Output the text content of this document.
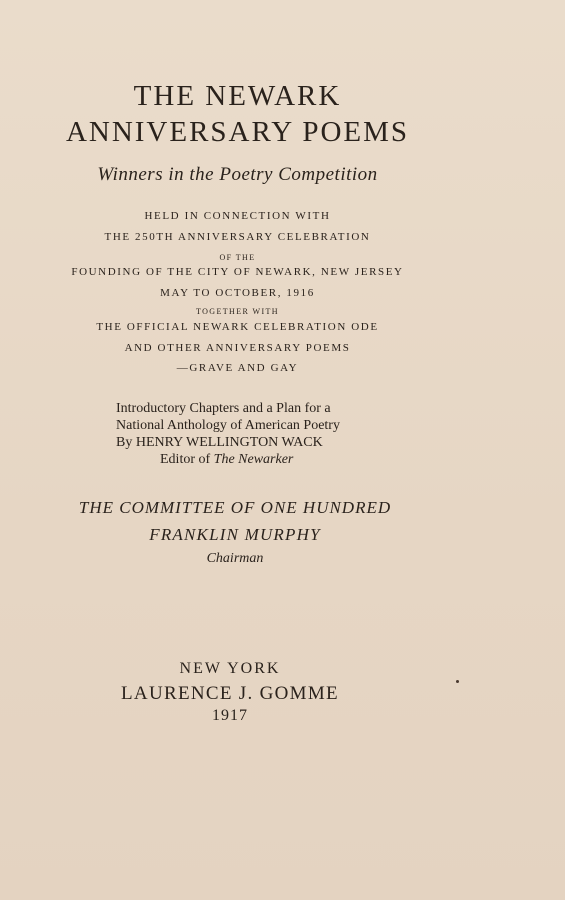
THE NEWARK
ANNIVERSARY POEMS
Winners in the Poetry Competition
HELD IN CONNECTION WITH
THE 250TH ANNIVERSARY CELEBRATION
OF THE
FOUNDING OF THE CITY OF NEWARK, NEW JERSEY
MAY TO OCTOBER, 1916
TOGETHER WITH
THE OFFICIAL NEWARK CELEBRATION ODE
AND OTHER ANNIVERSARY POEMS
—GRAVE AND GAY
Introductory Chapters and a Plan for a
National Anthology of American Poetry
By HENRY WELLINGTON WACK
Editor of The Newarker
THE COMMITTEE OF ONE HUNDRED
FRANKLIN MURPHY
Chairman
NEW YORK
LAURENCE J. GOMME
1917
